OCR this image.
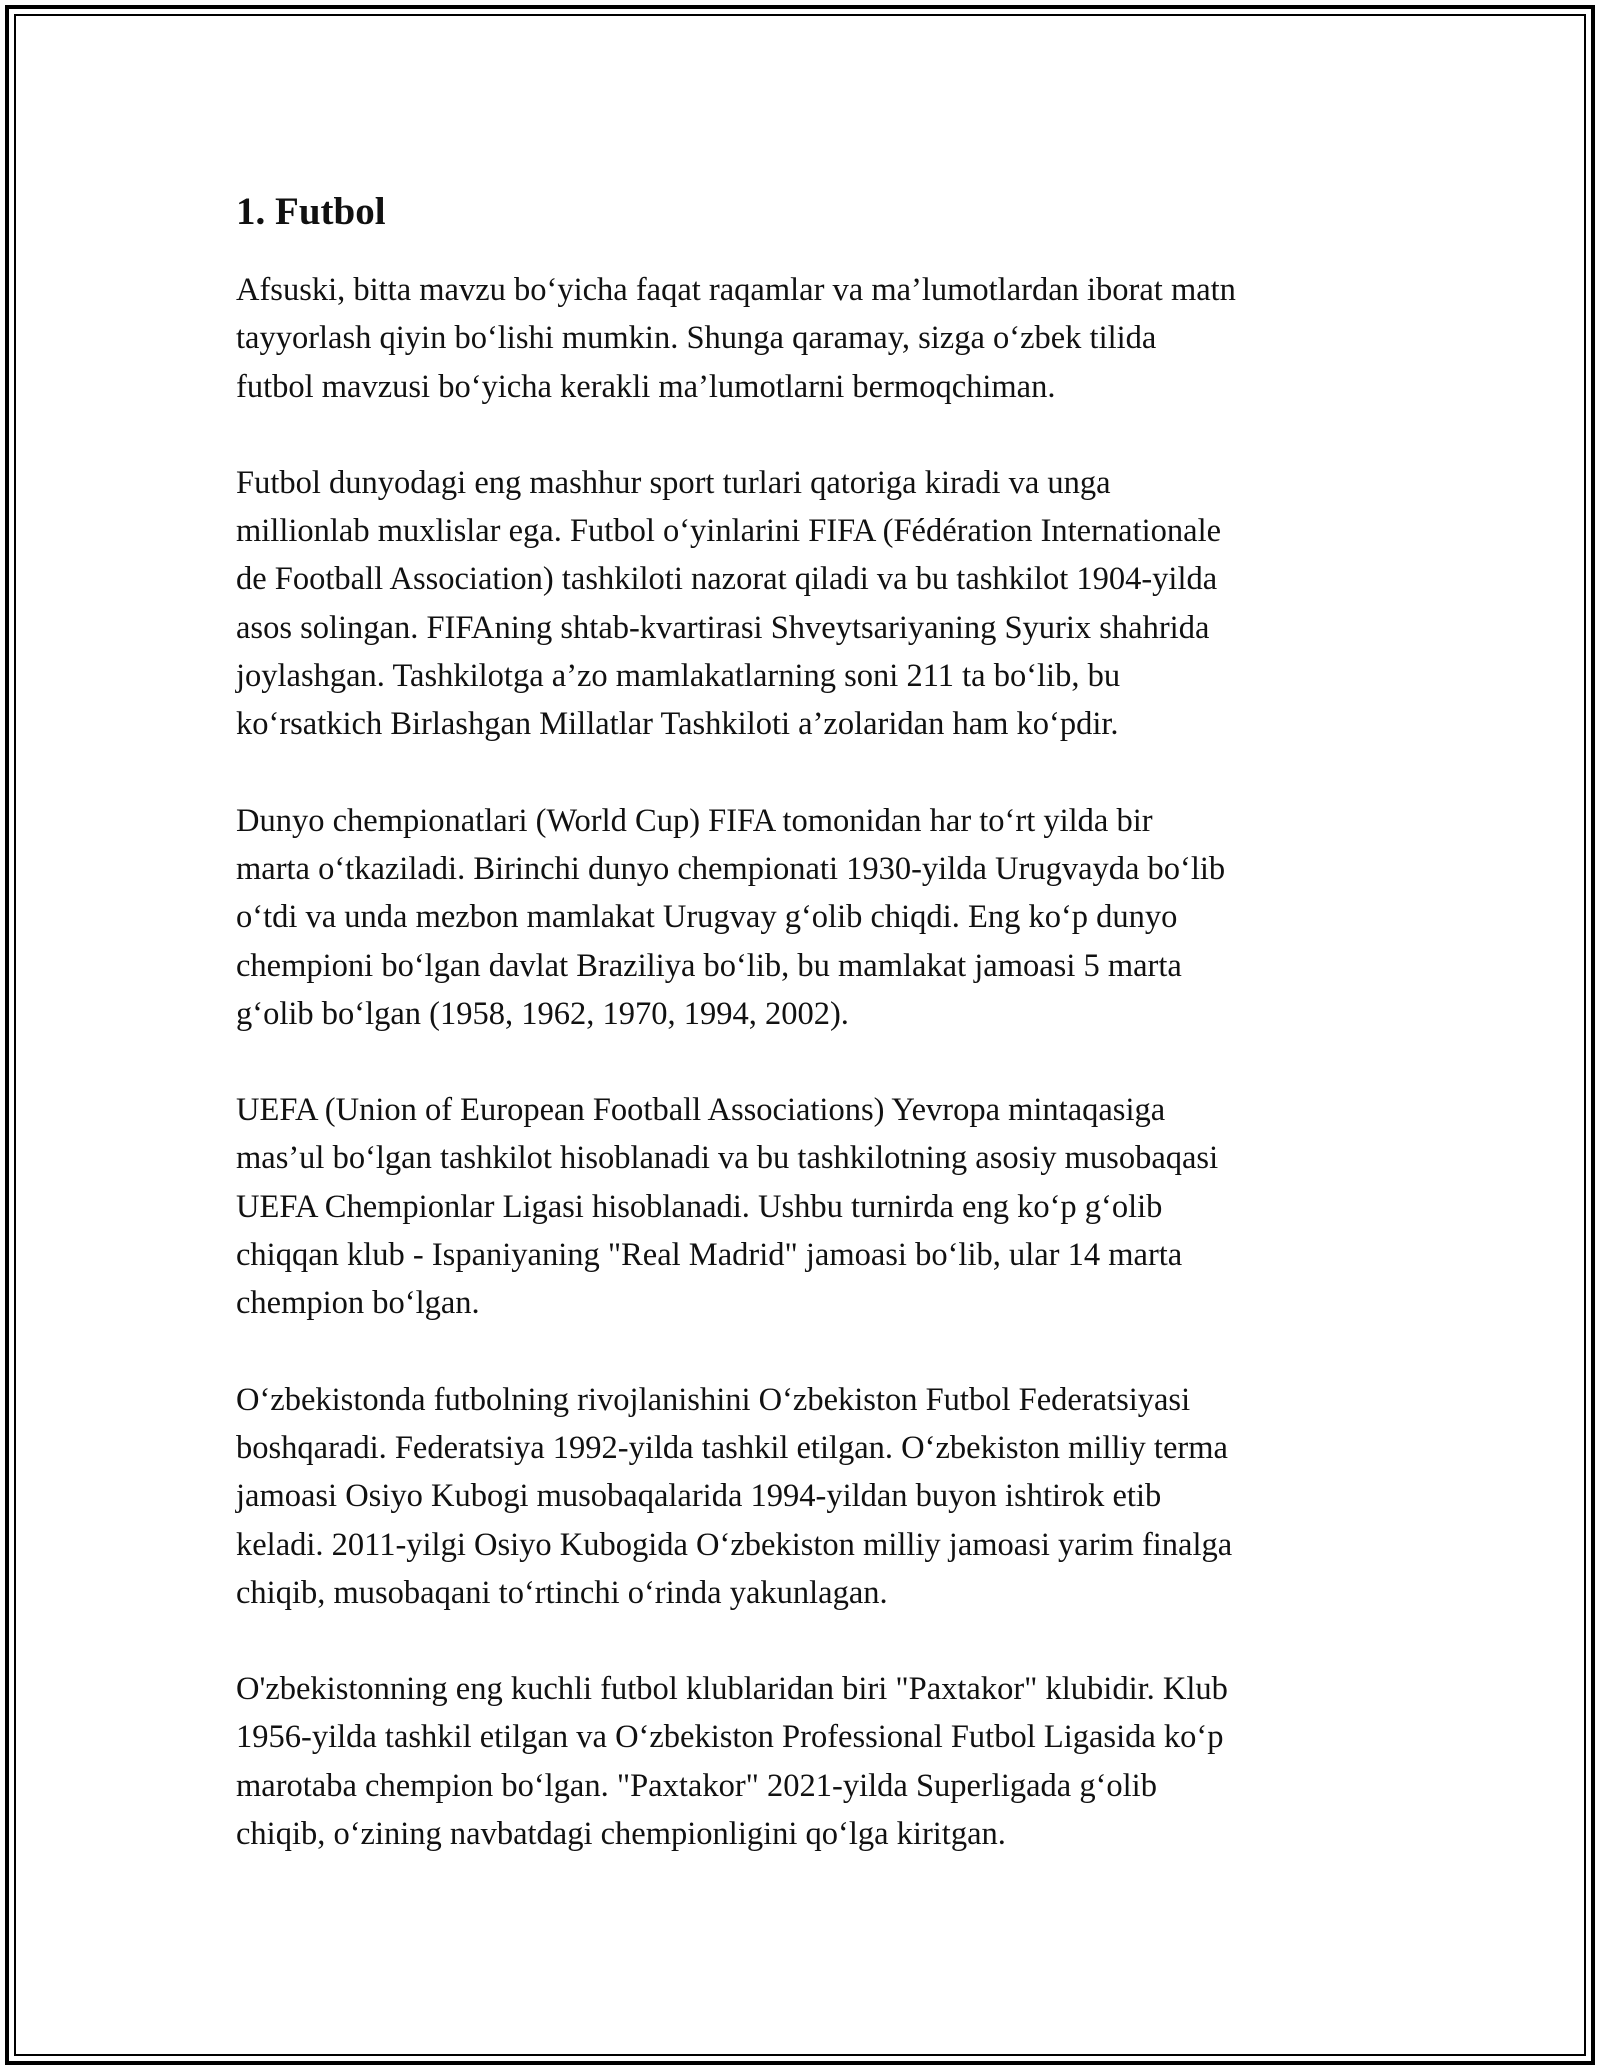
1. Futbol

Afsuski, bitta mavzu bo‘yicha faqat raqamlar va ma’lumotlardan iborat matn
tayyorlash qiyin bo‘lishi mumkin. Shunga qaramay, sizga o‘zbek tilida
futbol mavzusi bo‘yicha kerakli ma’lumotlarni bermoqchiman.

Futbol dunyodagi eng mashhur sport turlari qatoriga kiradi va unga
millionlab muxlislar ega. Futbol o‘yinlarini FIFA (Fédération Internationale
de Football Association) tashkiloti nazorat qiladi va bu tashkilot 1904-yilda
asos solingan. FIFAning shtab-kvartirasi Shveytsariyaning Syurix shahrida
joylashgan. Tashkilotga a’zo mamlakatlarning soni 211 ta bo‘lib, bu
ko‘rsatkich Birlashgan Millatlar Tashkiloti a’zolaridan ham ko‘pdir.

Dunyo chempionatlari (World Cup) FIFA tomonidan har to‘rt yilda bir
marta o‘tkaziladi. Birinchi dunyo chempionati 1930-yilda Urugvayda bo‘lib
o‘tdi va unda mezbon mamlakat Urugvay g‘olib chiqdi. Eng ko‘p dunyo
chempioni bo‘lgan davlat Braziliya bo‘lib, bu mamlakat jamoasi 5 marta
g‘olib bo‘lgan (1958, 1962, 1970, 1994, 2002).

UEFA (Union of European Football Associations) Yevropa mintaqasiga
mas’ul bo‘lgan tashkilot hisoblanadi va bu tashkilotning asosiy musobaqasi
UEFA Chempionlar Ligasi hisoblanadi. Ushbu turnirda eng ko‘p g‘olib
chiqqan klub - Ispaniyaning "Real Madrid" jamoasi bo‘lib, ular 14 marta
chempion bo‘lgan.

O‘zbekistonda futbolning rivojlanishini O‘zbekiston Futbol Federatsiyasi
boshqaradi. Federatsiya 1992-yilda tashkil etilgan. O‘zbekiston milliy terma
jamoasi Osiyo Kubogi musobaqalarida 1994-yildan buyon ishtirok etib
keladi. 2011-yilgi Osiyo Kubogida O‘zbekiston milliy jamoasi yarim finalga
chiqib, musobaqani to‘rtinchi o‘rinda yakunlagan.

O'zbekistonning eng kuchli futbol klublaridan biri "Paxtakor" klubidir. Klub
1956-yilda tashkil etilgan va O‘zbekiston Professional Futbol Ligasida ko‘p
marotaba chempion bo‘lgan. "Paxtakor" 2021-yilda Superligada g‘olib
chiqib, o‘zining navbatdagi chempionligini qo‘lga kiritgan.
